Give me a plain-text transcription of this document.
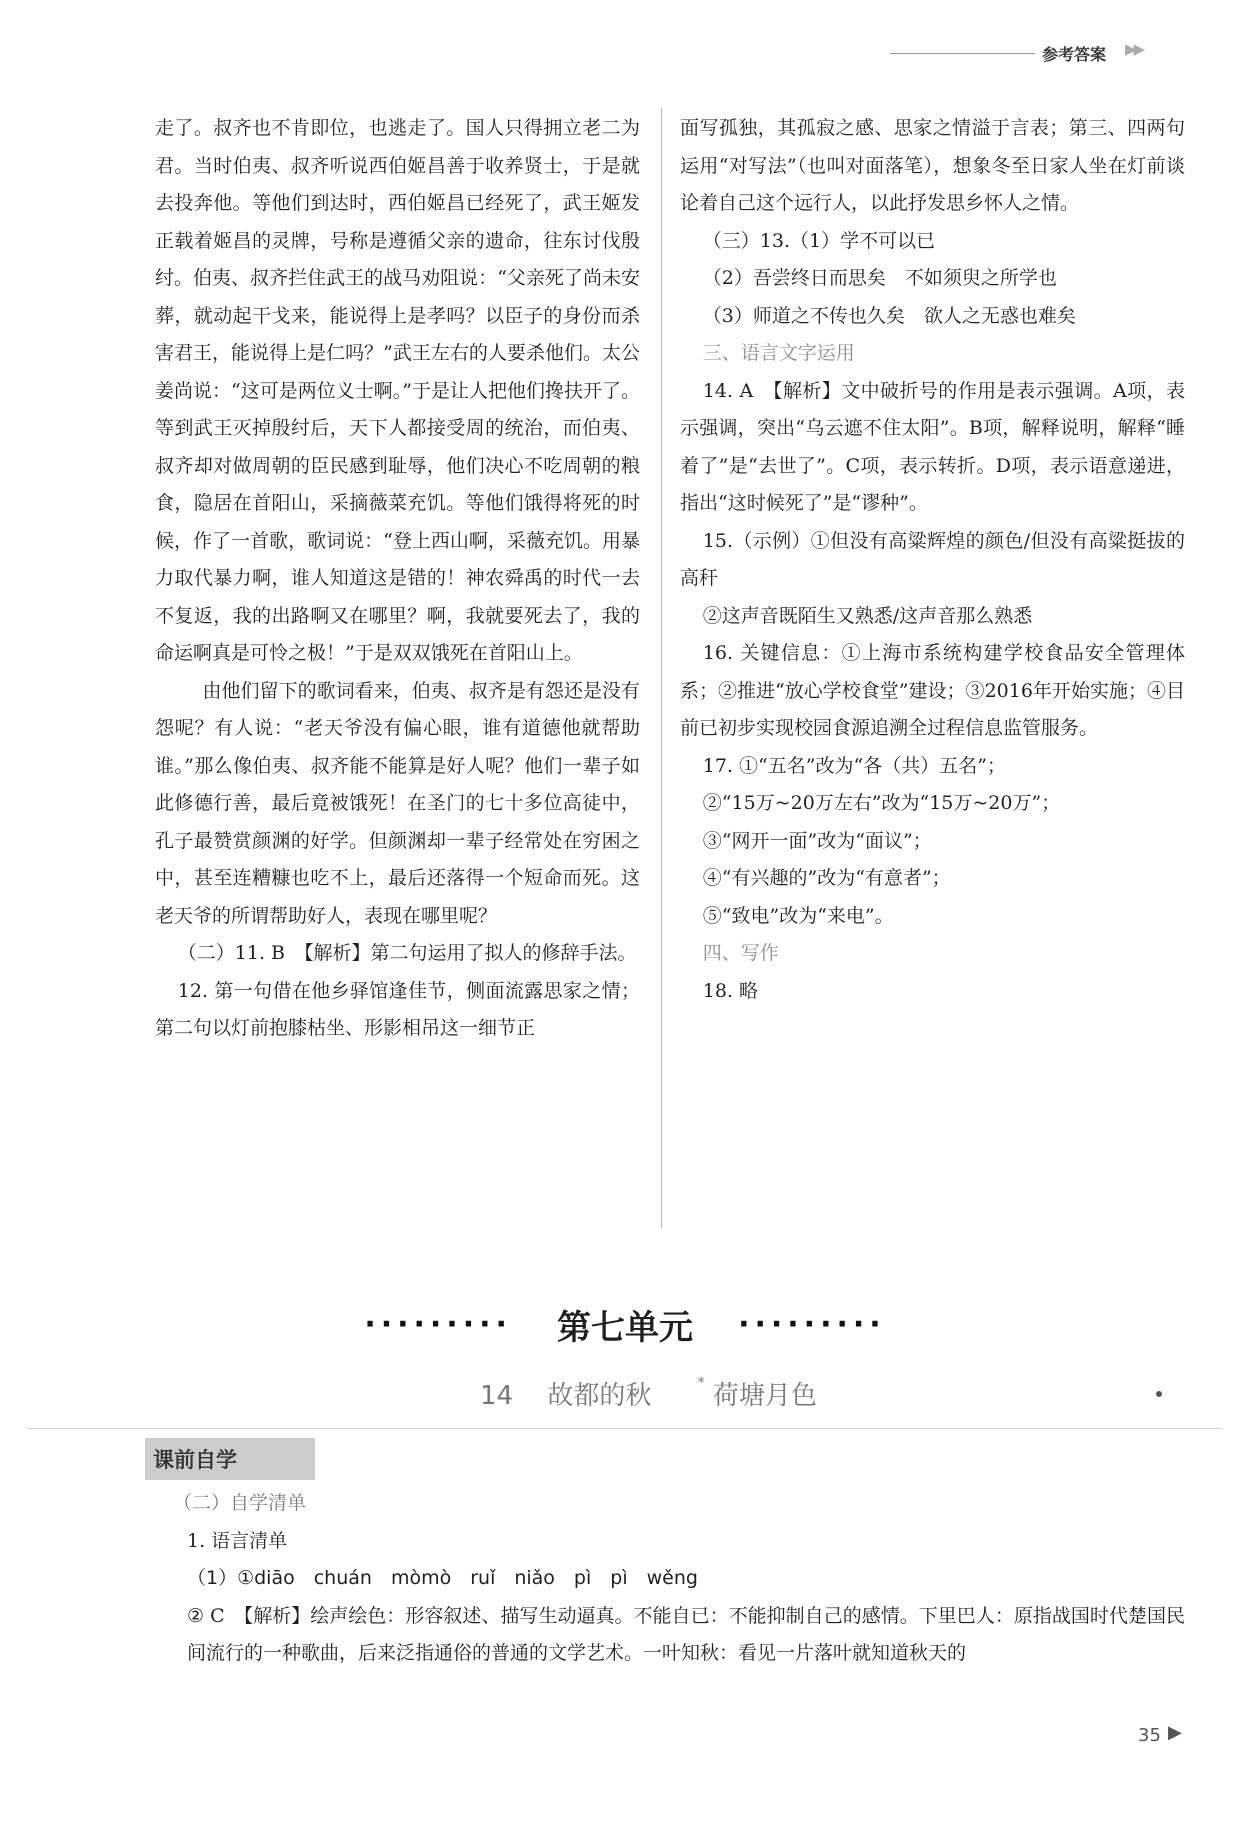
参考答案 ▶▶

走了。叔齐也不肯即位，也逃走了。国人只得拥立老二为君。当时伯夷、叔齐听说西伯姬昌善于收养贤士，于是就去投奔他。等他们到达时，西伯姬昌已经死了，武王姬发正载着姬昌的灵牌，号称是遵循父亲的遗命，往东讨伐殷纣。伯夷、叔齐拦住武王的战马劝阻说：“父亲死了尚未安葬，就动起干戈来，能说得上是孝吗？以臣子的身份而杀害君王，能说得上是仁吗？”武王左右的人要杀他们。太公姜尚说：“这可是两位义士啊。”于是让人把他们搀扶开了。等到武王灭掉殷纣后，天下人都接受周的统治，而伯夷、叔齐却对做周朝的臣民感到耻辱，他们决心不吃周朝的粮食，隐居在首阳山，采摘薇菜充饥。等他们饿得将死的时候，作了一首歌，歌词说：“登上西山啊，采薇充饥。用暴力取代暴力啊，谁人知道这是错的！神农舜禹的时代一去不复返，我的出路啊又在哪里？啊，我就要死去了，我的命运啊真是可怜之极！”于是双双饿死在首阳山上。

由他们留下的歌词看来，伯夷、叔齐是有怨还是没有怨呢？有人说：“老天爷没有偏心眼，谁有道德他就帮助谁。”那么像伯夷、叔齐能不能算是好人呢？他们一辈子如此修德行善，最后竟被饿死！在圣门的七十多位高徒中，孔子最赞赏颜渊的好学。但颜渊却一辈子经常处在穷困之中，甚至连糟糠也吃不上，最后还落得一个短命而死。这老天爷的所谓帮助好人，表现在哪里呢？

（二）11. B　【解析】第二句运用了拟人的修辞手法。

12. 第一句借在他乡驿馆逢佳节，侧面流露思家之情；第二句以灯前抱膝枯坐、形影相吊这一细节正

面写孤独，其孤寂之感、思家之情溢于言表；第三、四两句运用“对写法”（也叫对面落笔），想象冬至日家人坐在灯前谈论着自己这个远行人，以此抒发思乡怀人之情。

（三）13.（1）学不可以已

（2）吾尝终日而思矣　不如须臾之所学也

（3）师道之不传也久矣　欲人之无惑也难矣

三、语言文字运用

14. A　【解析】文中破折号的作用是表示强调。A项，表示强调，突出“乌云遮不住太阳”。B项，解释说明，解释“睡着了”是“去世了”。C项，表示转折。D项，表示语意递进，指出“这时候死了”是“谬种”。

15.（示例）①但没有高粱辉煌的颜色/但没有高粱挺拔的高秆

②这声音既陌生又熟悉/这声音那么熟悉

16. 关键信息：①上海市系统构建学校食品安全管理体系；②推进“放心学校食堂”建设；③2016年开始实施；④目前已初步实现校园食源追溯全过程信息监管服务。

17. ①“五名”改为“各（共）五名”；

②“15万~20万左右”改为“15万~20万”；

③“网开一面”改为“面议”；

④“有兴趣的”改为“有意者”；

⑤“致电”改为“来电”。

四、写作

18. 略

········· 第七单元 ·········
14 故都的秋	* 荷塘月色
课前自学

（二）自学清单

1. 语言清单

（1）①diāo　chuán　mòmò　ruǐ　niǎo　pì　pì　wěng

② C　【解析】绘声绘色：形容叙述、描写生动逼真。不能自已：不能抑制自己的感情。下里巴人：原指战国时代楚国民间流行的一种歌曲，后来泛指通俗的普通的文学艺术。一叶知秋：看见一片落叶就知道秋天的

35 ▶
